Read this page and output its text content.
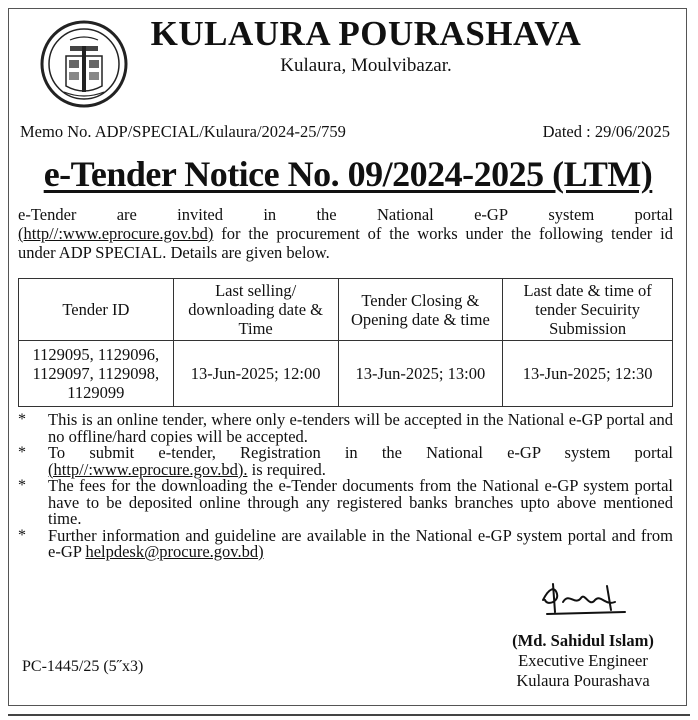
KULAURA POURASHAVA
Kulaura, Moulvibazar.
Memo No. ADP/SPECIAL/Kulaura/2024-25/759	Dated : 29/06/2025
e-Tender Notice No. 09/2024-2025 (LTM)
e-Tender are invited in the National e-GP system portal
(http//:www.eprocure.gov.bd) for the procurement of the works under the following tender id under ADP SPECIAL. Details are given below.
Tender ID	Last selling/ downloading date & Time	Tender Closing & Opening date & time	Last date & time of tender Secuirity Submission
1129095, 1129096, 1129097, 1129098, 1129099	13-Jun-2025; 12:00	13-Jun-2025; 13:00	13-Jun-2025; 12:30
*	This is an online tender, where only e-tenders will be accepted in the National e-GP portal and no offline/hard copies will be accepted.
*	To submit e-tender, Registration in the National e-GP system portal (http//:www.eprocure.gov.bd). is required.
*	The fees for the downloading the e-Tender documents from the National e-GP system portal have to be deposited online through any registered banks branches upto above mentioned time.
*	Further information and guideline are available in the National e-GP system portal and from e-GP helpdesk@procure.gov.bd)
(Md. Sahidul Islam)
Executive Engineer
Kulaura Pourashava
PC-1445/25 (5˝x3)
